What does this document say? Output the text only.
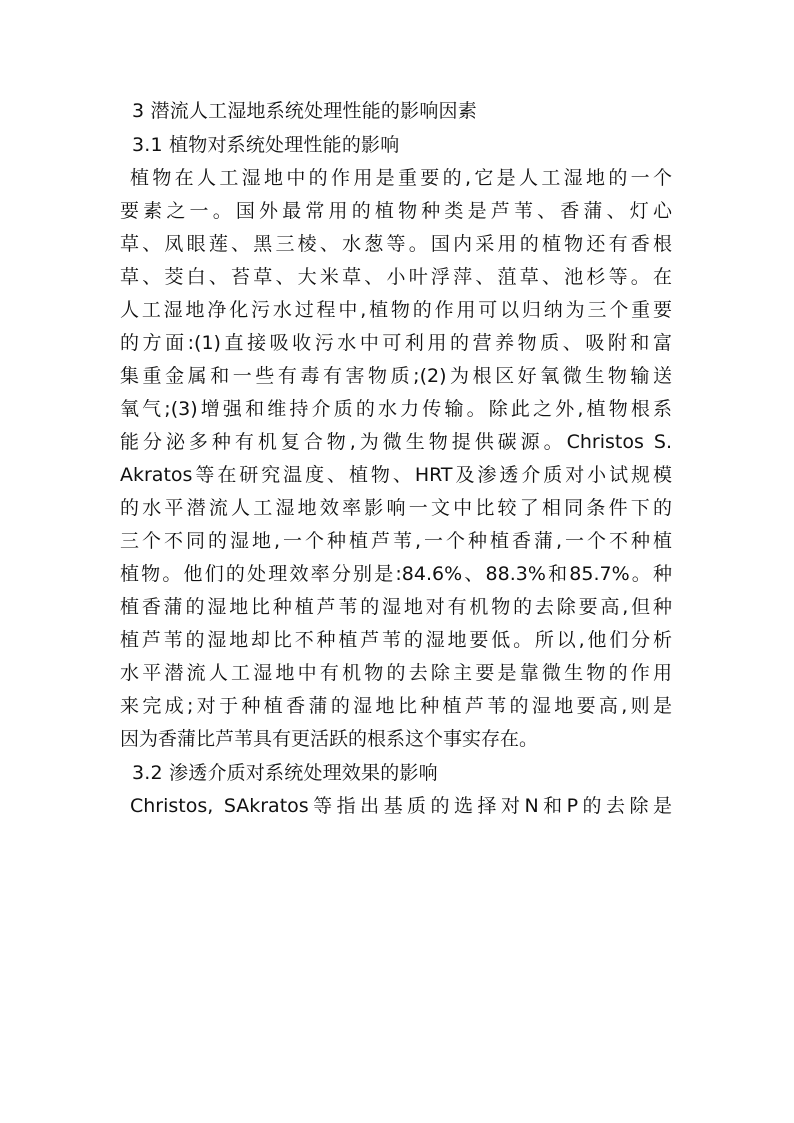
3 潜流人工湿地系统处理性能的影响因素
3.1 植物对系统处理性能的影响
植物在人工湿地中的作用是重要的,它是人工湿地的一个
要素之一。国外最常用的植物种类是芦苇、香蒲、灯心
草、凤眼莲、黑三棱、水葱等。国内采用的植物还有香根
草、茭白、苔草、大米草、小叶浮萍、菹草、池杉等。在
人工湿地净化污水过程中,植物的作用可以归纳为三个重要
的方面:(1)直接吸收污水中可利用的营养物质、吸附和富
集重金属和一些有毒有害物质;(2)为根区好氧微生物输送
氧气;(3)增强和维持介质的水力传输。除此之外,植物根系
能分泌多种有机复合物,为微生物提供碳源。Christos S.
Akratos等在研究温度、植物、HRT及渗透介质对小试规模
的水平潜流人工湿地效率影响一文中比较了相同条件下的
三个不同的湿地,一个种植芦苇,一个种植香蒲,一个不种植
植物。他们的处理效率分别是:84.6%、88.3%和85.7%。种
植香蒲的湿地比种植芦苇的湿地对有机物的去除要高,但种
植芦苇的湿地却比不种植芦苇的湿地要低。所以,他们分析
水平潜流人工湿地中有机物的去除主要是靠微生物的作用
来完成;对于种植香蒲的湿地比种植芦苇的湿地要高,则是
因为香蒲比芦苇具有更活跃的根系这个事实存在。
3.2 渗透介质对系统处理效果的影响
Christos, SAkratos等指出基质的选择对N和P的去除是
